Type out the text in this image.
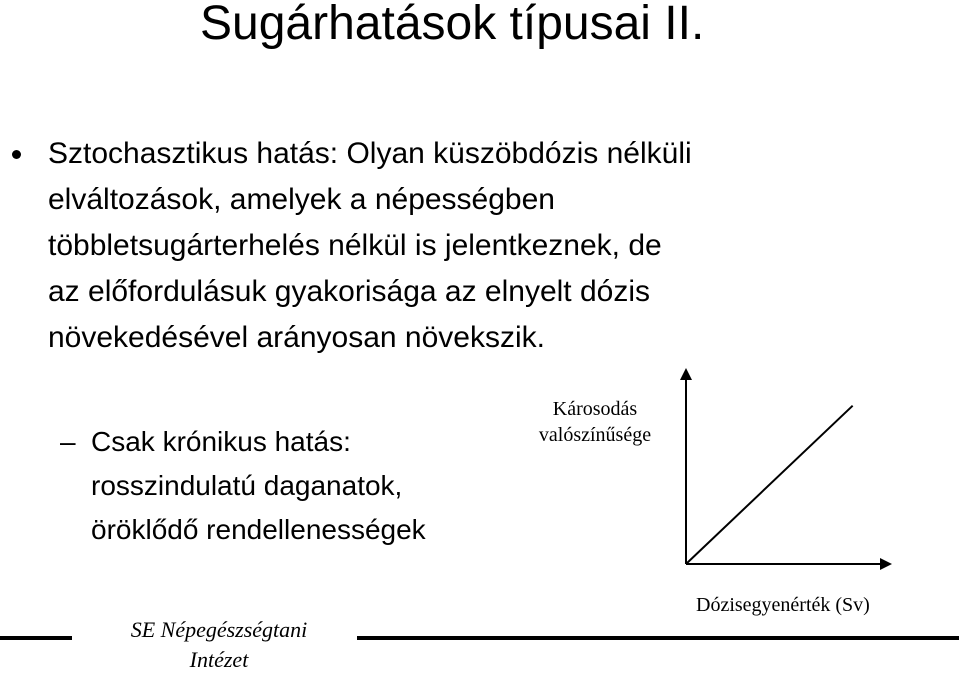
Sugárhatások típusai II.
Sztochasztikus hatás: Olyan küszöbdózis nélküli
elváltozások, amelyek a népességben
többletsugárterhelés nélkül is jelentkeznek, de
az előfordulásuk gyakorisága az elnyelt dózis
növekedésével arányosan növekszik.
– Csak krónikus hatás:
rosszindulatú daganatok,
öröklődő rendellenességek
Károsodás
valószínűsége
Dózisegyenérték (Sv)
SE Népegészségtani
Intézet
